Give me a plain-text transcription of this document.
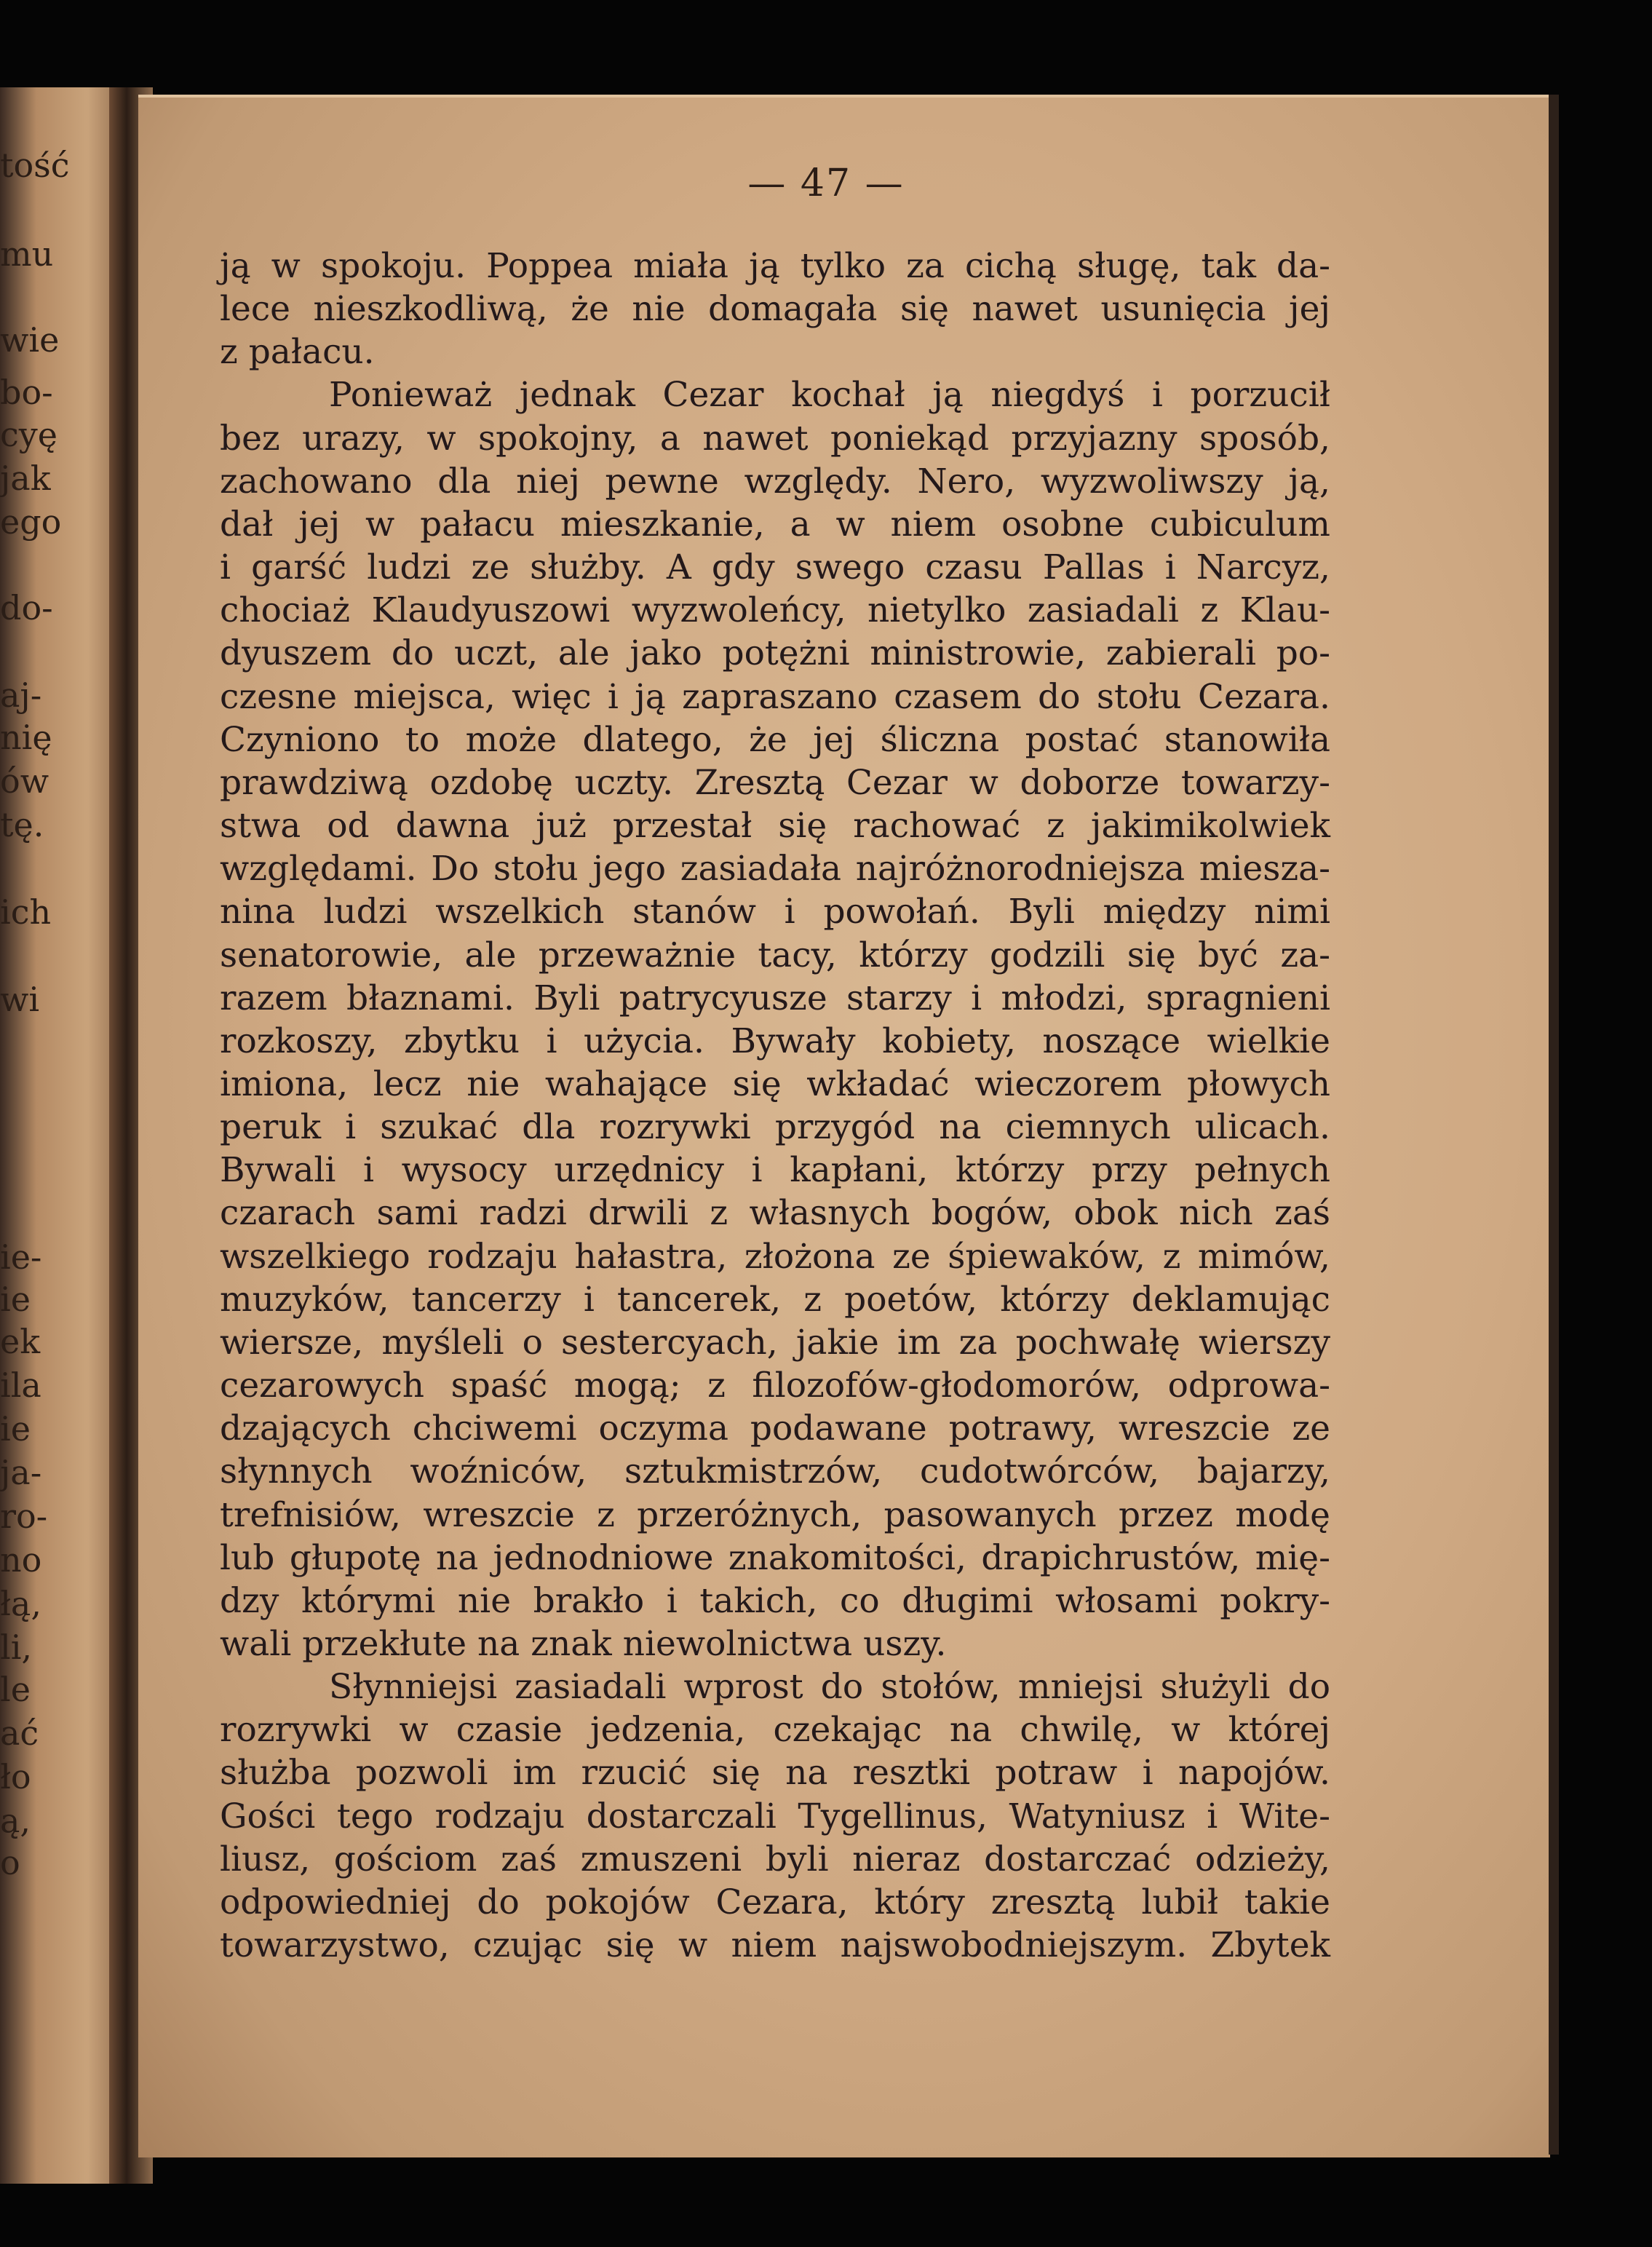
tość
mu
wie
bo-
cyę
jak
ego
do-
aj-
nię
ów
tę.
ich
wi
ie-
ie
ek
ila
ie
ja-
ro-
no
łą,
li,
le
ać
ło
ą,
o
— 47 —
ją w spokoju. Poppea miała ją tylko za cichą sługę, tak da-
lece nieszkodliwą, że nie domagała się nawet usunięcia jej
z pałacu.
Ponieważ jednak Cezar kochał ją niegdyś i porzucił
bez urazy, w spokojny, a nawet poniekąd przyjazny sposób,
zachowano dla niej pewne względy. Nero, wyzwoliwszy ją,
dał jej w pałacu mieszkanie, a w niem osobne cubiculum
i garść ludzi ze służby. A gdy swego czasu Pallas i Narcyz,
chociaż Klaudyuszowi wyzwoleńcy, nietylko zasiadali z Klau-
dyuszem do uczt, ale jako potężni ministrowie, zabierali po-
czesne miejsca, więc i ją zapraszano czasem do stołu Cezara.
Czyniono to może dlatego, że jej śliczna postać stanowiła
prawdziwą ozdobę uczty. Zresztą Cezar w doborze towarzy-
stwa od dawna już przestał się rachować z jakimikolwiek
względami. Do stołu jego zasiadała najróżnorodniejsza miesza-
nina ludzi wszelkich stanów i powołań. Byli między nimi
senatorowie, ale przeważnie tacy, którzy godzili się być za-
razem błaznami. Byli patrycyusze starzy i młodzi, spragnieni
rozkoszy, zbytku i użycia. Bywały kobiety, noszące wielkie
imiona, lecz nie wahające się wkładać wieczorem płowych
peruk i szukać dla rozrywki przygód na ciemnych ulicach.
Bywali i wysocy urzędnicy i kapłani, którzy przy pełnych
czarach sami radzi drwili z własnych bogów, obok nich zaś
wszelkiego rodzaju hałastra, złożona ze śpiewaków, z mimów,
muzyków, tancerzy i tancerek, z poetów, którzy deklamując
wiersze, myśleli o sestercyach, jakie im za pochwałę wierszy
cezarowych spaść mogą; z filozofów-głodomorów, odprowa-
dzających chciwemi oczyma podawane potrawy, wreszcie ze
słynnych woźniców, sztukmistrzów, cudotwórców, bajarzy,
trefnisiów, wreszcie z przeróżnych, pasowanych przez modę
lub głupotę na jednodniowe znakomitości, drapichrustów, mię-
dzy którymi nie brakło i takich, co długimi włosami pokry-
wali przekłute na znak niewolnictwa uszy.
Słynniejsi zasiadali wprost do stołów, mniejsi służyli do
rozrywki w czasie jedzenia, czekając na chwilę, w której
służba pozwoli im rzucić się na resztki potraw i napojów.
Gości tego rodzaju dostarczali Tygellinus, Watyniusz i Wite-
liusz, gościom zaś zmuszeni byli nieraz dostarczać odzieży,
odpowiedniej do pokojów Cezara, który zresztą lubił takie
towarzystwo, czując się w niem najswobodniejszym. Zbytek
